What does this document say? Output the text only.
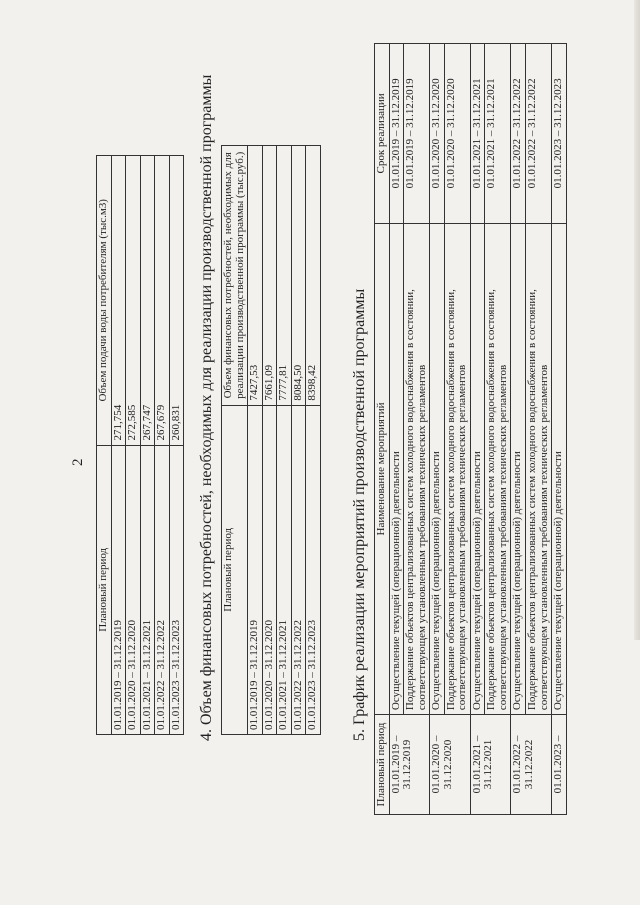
2
Плановый период	Объем подачи воды потребителям (тыс.м3)
01.01.2019 – 31.12.2019	271,754
01.01.2020 – 31.12.2020	272,585
01.01.2021 – 31.12.2021	267,747
01.01.2022 – 31.12.2022	267,679
01.01.2023 – 31.12.2023	260,831 4. Объем финансовых потребностей, необходимых для реализации производственной программы Плановый период	Объем финансовых потребностей, необходимых для реализации производственной программы (тыс.руб.)
01.01.2019 – 31.12.2019	7427,53
01.01.2020 – 31.12.2020	7661,09
01.01.2021 – 31.12.2021	7777,81
01.01.2022 – 31.12.2022	8084,50
01.01.2023 – 31.12.2023	8398,42 5. График реализации мероприятий производственной программы
Плановый период	Наименование мероприятий	Срок реализации
01.01.2019 – 31.12.2019	Осуществление текущей (операционной) деятельности	01.01.2019 – 31.12.2019
	Поддержание объектов централизованных систем холодного водоснабжения в состоянии, соответствующем установленным требованиям технических регламентов	01.01.2019 – 31.12.2019
01.01.2020 – 31.12.2020	Осуществление текущей (операционной) деятельности	01.01.2020 – 31.12.2020
	Поддержание объектов централизованных систем холодного водоснабжения в состоянии, соответствующем установленным требованиям технических регламентов	01.01.2020 – 31.12.2020
01.01.2021 – 31.12.2021	Осуществление текущей (операционной) деятельности	01.01.2021 – 31.12.2021
	Поддержание объектов централизованных систем холодного водоснабжения в состоянии, соответствующем установленным требованиям технических регламентов	01.01.2021 – 31.12.2021
01.01.2022 – 31.12.2022	Осуществление текущей (операционной) деятельности	01.01.2022 – 31.12.2022
	Поддержание объектов централизованных систем холодного водоснабжения в состоянии, соответствующем установленным требованиям технических регламентов	01.01.2022 – 31.12.2022
01.01.2023 –	Осуществление текущей (операционной) деятельности	01.01.2023 – 31.12.2023
